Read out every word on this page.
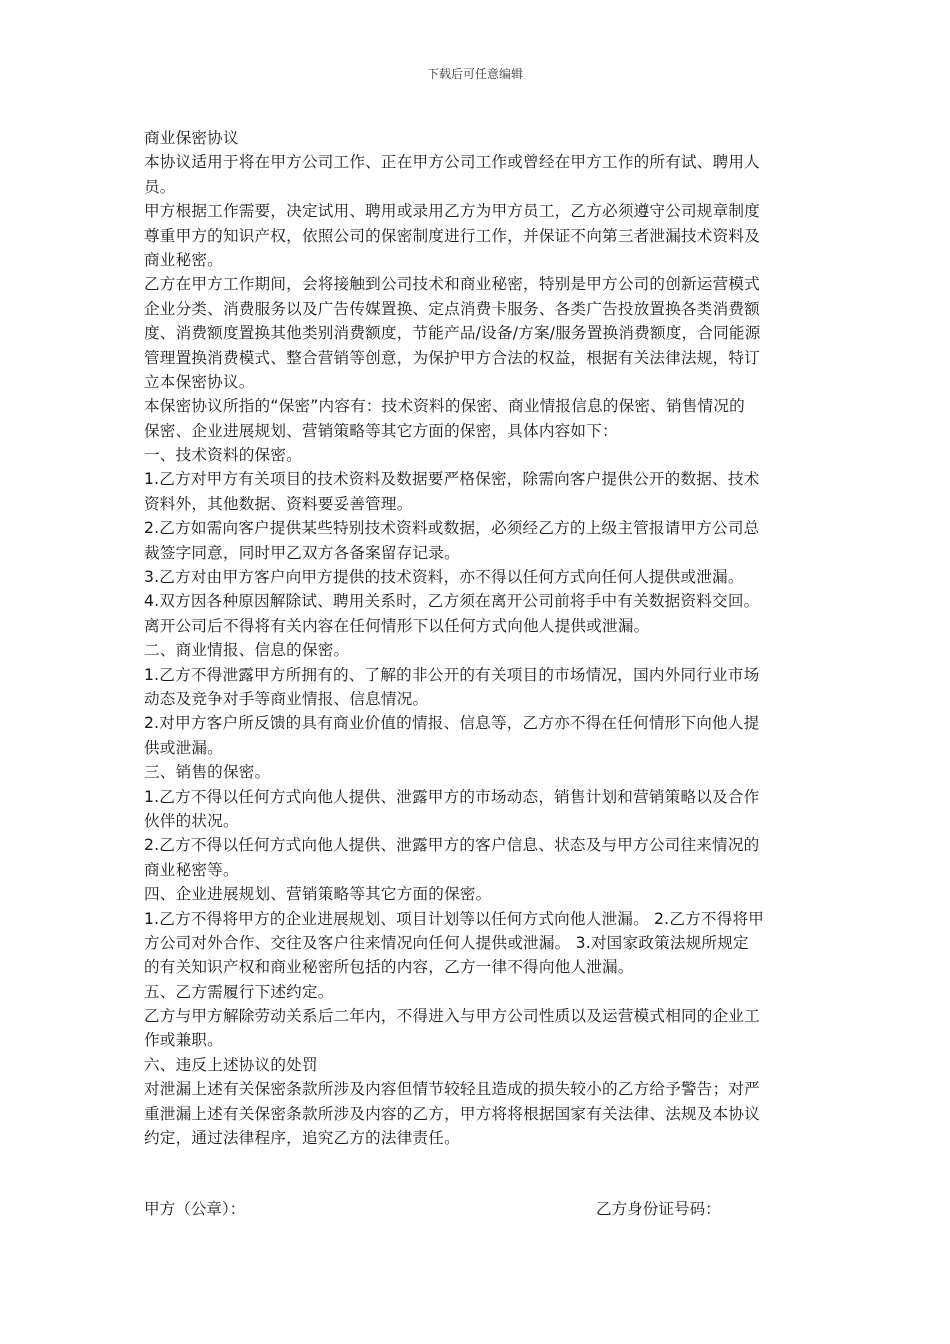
下载后可任意编辑
商业保密协议
本协议适用于将在甲方公司工作、正在甲方公司工作或曾经在甲方工作的所有试、聘用人
员。
甲方根据工作需要，决定试用、聘用或录用乙方为甲方员工，乙方必须遵守公司规章制度
尊重甲方的知识产权，依照公司的保密制度进行工作，并保证不向第三者泄漏技术资料及
商业秘密。
乙方在甲方工作期间，会将接触到公司技术和商业秘密，特别是甲方公司的创新运营模式
企业分类、消费服务以及广告传媒置换、定点消费卡服务、各类广告投放置换各类消费额
度、消费额度置换其他类别消费额度，节能产品/设备/方案/服务置换消费额度，合同能源
管理置换消费模式、整合营销等创意，为保护甲方合法的权益，根据有关法律法规，特订
立本保密协议。
本保密协议所指的“保密”内容有：技术资料的保密、商业情报信息的保密、销售情况的
保密、企业进展规划、营销策略等其它方面的保密，具体内容如下：
一、技术资料的保密。
1.乙方对甲方有关项目的技术资料及数据要严格保密，除需向客户提供公开的数据、技术
资料外，其他数据、资料要妥善管理。
2.乙方如需向客户提供某些特别技术资料或数据，必须经乙方的上级主管报请甲方公司总
裁签字同意，同时甲乙双方各备案留存记录。
3.乙方对由甲方客户向甲方提供的技术资料，亦不得以任何方式向任何人提供或泄漏。
4.双方因各种原因解除试、聘用关系时，乙方须在离开公司前将手中有关数据资料交回。
离开公司后不得将有关内容在任何情形下以任何方式向他人提供或泄漏。
二、商业情报、信息的保密。
1.乙方不得泄露甲方所拥有的、了解的非公开的有关项目的市场情况，国内外同行业市场
动态及竞争对手等商业情报、信息情况。
2.对甲方客户所反馈的具有商业价值的情报、信息等，乙方亦不得在任何情形下向他人提
供或泄漏。
三、销售的保密。
1.乙方不得以任何方式向他人提供、泄露甲方的市场动态，销售计划和营销策略以及合作
伙伴的状况。
2.乙方不得以任何方式向他人提供、泄露甲方的客户信息、状态及与甲方公司往来情况的
商业秘密等。
四、企业进展规划、营销策略等其它方面的保密。
1.乙方不得将甲方的企业进展规划、项目计划等以任何方式向他人泄漏。 2.乙方不得将甲
方公司对外合作、交往及客户往来情况向任何人提供或泄漏。 3.对国家政策法规所规定
的有关知识产权和商业秘密所包括的内容，乙方一律不得向他人泄漏。
五、乙方需履行下述约定。
乙方与甲方解除劳动关系后二年内，不得进入与甲方公司性质以及运营模式相同的企业工
作或兼职。
六、违反上述协议的处罚
对泄漏上述有关保密条款所涉及内容但情节较轻且造成的损失较小的乙方给予警告；对严
重泄漏上述有关保密条款所涉及内容的乙方，甲方将将根据国家有关法律、法规及本协议
约定，通过法律程序，追究乙方的法律责任。
甲方（公章）：	乙方身份证号码：
